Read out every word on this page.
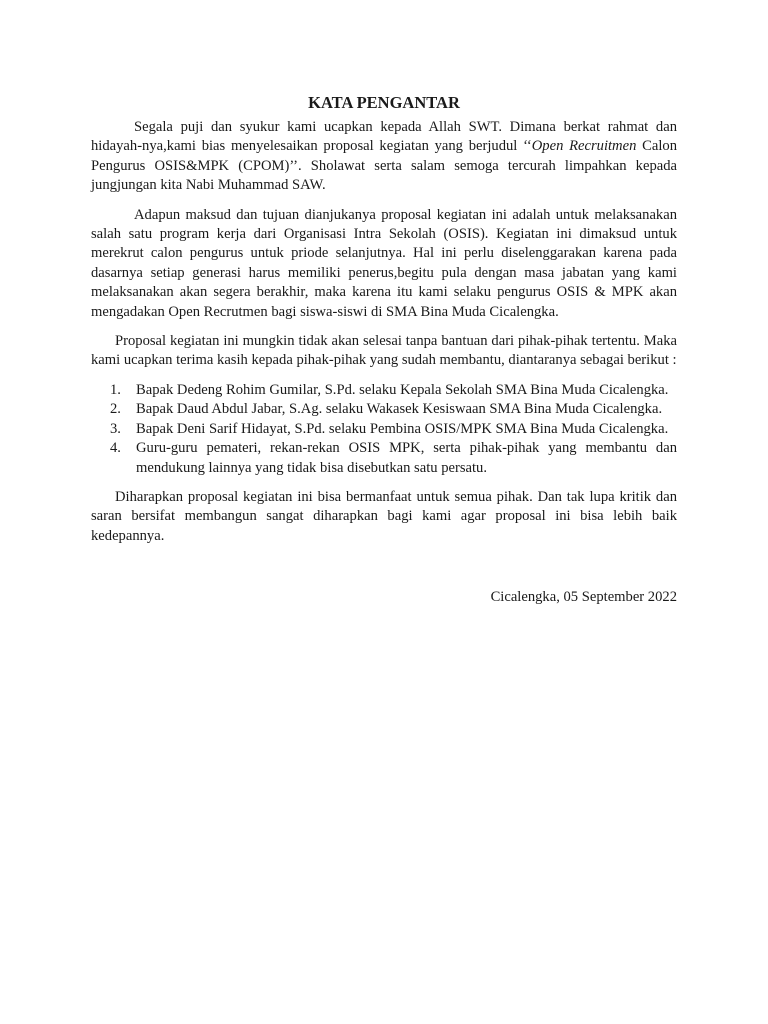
KATA PENGANTAR

Segala puji dan syukur kami ucapkan kepada Allah SWT. Dimana berkat rahmat dan hidayah-nya,kami bias menyelesaikan proposal kegiatan yang berjudul ‘‘Open Recruitmen Calon Pengurus OSIS&MPK (CPOM)’’. Sholawat serta salam semoga tercurah limpahkan kepada jungjungan kita Nabi Muhammad SAW.

Adapun maksud dan tujuan dianjukanya proposal kegiatan ini adalah untuk melaksanakan salah satu program kerja dari Organisasi Intra Sekolah (OSIS). Kegiatan ini dimaksud untuk merekrut calon pengurus untuk priode selanjutnya. Hal ini perlu diselenggarakan karena pada dasarnya setiap generasi harus memiliki penerus,begitu pula dengan masa jabatan yang kami melaksanakan akan segera berakhir, maka karena itu kami selaku pengurus OSIS & MPK akan mengadakan Open Recrutmen bagi siswa-siswi di SMA Bina Muda Cicalengka.

Proposal kegiatan ini mungkin tidak akan selesai tanpa bantuan dari pihak-pihak tertentu. Maka kami ucapkan terima kasih kepada pihak-pihak yang sudah membantu, diantaranya sebagai berikut :

1. Bapak Dedeng Rohim Gumilar, S.Pd. selaku Kepala Sekolah SMA Bina Muda Cicalengka.
2. Bapak Daud Abdul Jabar, S.Ag. selaku Wakasek Kesiswaan SMA Bina Muda Cicalengka.
3. Bapak Deni Sarif Hidayat, S.Pd. selaku Pembina OSIS/MPK SMA Bina Muda Cicalengka.
4. Guru-guru pemateri, rekan-rekan OSIS MPK, serta pihak-pihak yang membantu dan mendukung lainnya yang tidak bisa disebutkan satu persatu.

Diharapkan proposal kegiatan ini bisa bermanfaat untuk semua pihak. Dan tak lupa kritik dan saran bersifat membangun sangat diharapkan bagi kami agar proposal ini bisa lebih baik kedepannya.

Cicalengka, 05 September 2022
